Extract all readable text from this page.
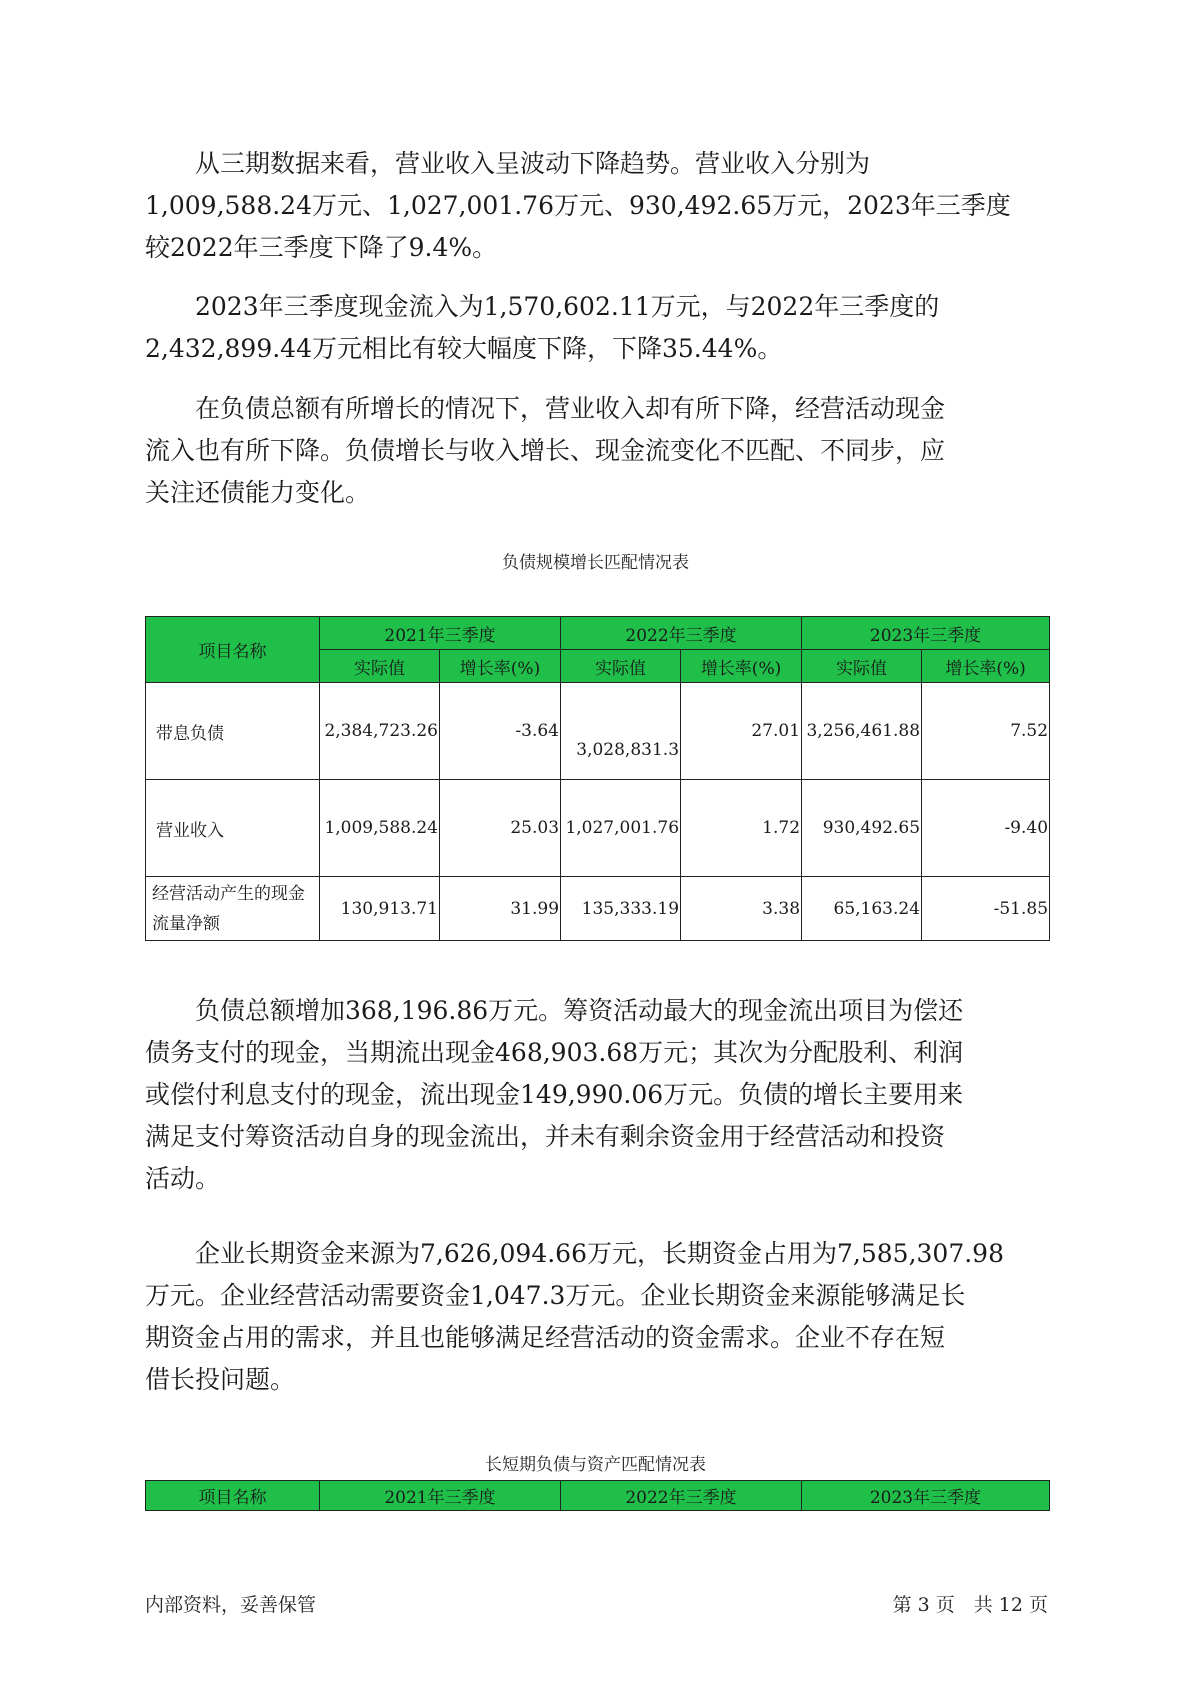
从三期数据来看，营业收入呈波动下降趋势。营业收入分别为
1,009,588.24万元、1,027,001.76万元、930,492.65万元，2023年三季度
较2022年三季度下降了9.4%。
2023年三季度现金流入为1,570,602.11万元，与2022年三季度的
2,432,899.44万元相比有较大幅度下降，下降35.44%。
在负债总额有所增长的情况下，营业收入却有所下降，经营活动现金
流入也有所下降。负债增长与收入增长、现金流变化不匹配、不同步，应
关注还债能力变化。
负债规模增长匹配情况表
项目名称	2021年三季度		2022年三季度		2023年三季度	
	实际值	增长率(%)	实际值	增长率(%)	实际值	增长率(%)
带息负债	2,384,723.26	-3.64	3,028,831.3	27.01	3,256,461.88	7.52
营业收入	1,009,588.24	25.03	1,027,001.76	1.72	930,492.65	-9.40
经营活动产生的现金流量净额	130,913.71	31.99	135,333.19	3.38	65,163.24	-51.85
负债总额增加368,196.86万元。筹资活动最大的现金流出项目为偿还
债务支付的现金，当期流出现金468,903.68万元；其次为分配股利、利润
或偿付利息支付的现金，流出现金149,990.06万元。负债的增长主要用来
满足支付筹资活动自身的现金流出，并未有剩余资金用于经营活动和投资
活动。
企业长期资金来源为7,626,094.66万元，长期资金占用为7,585,307.98
万元。企业经营活动需要资金1,047.3万元。企业长期资金来源能够满足长
期资金占用的需求，并且也能够满足经营活动的资金需求。企业不存在短
借长投问题。
长短期负债与资产匹配情况表
项目名称	2021年三季度	2022年三季度	2023年三季度
内部资料，妥善保管	第 3 页　共 12 页
